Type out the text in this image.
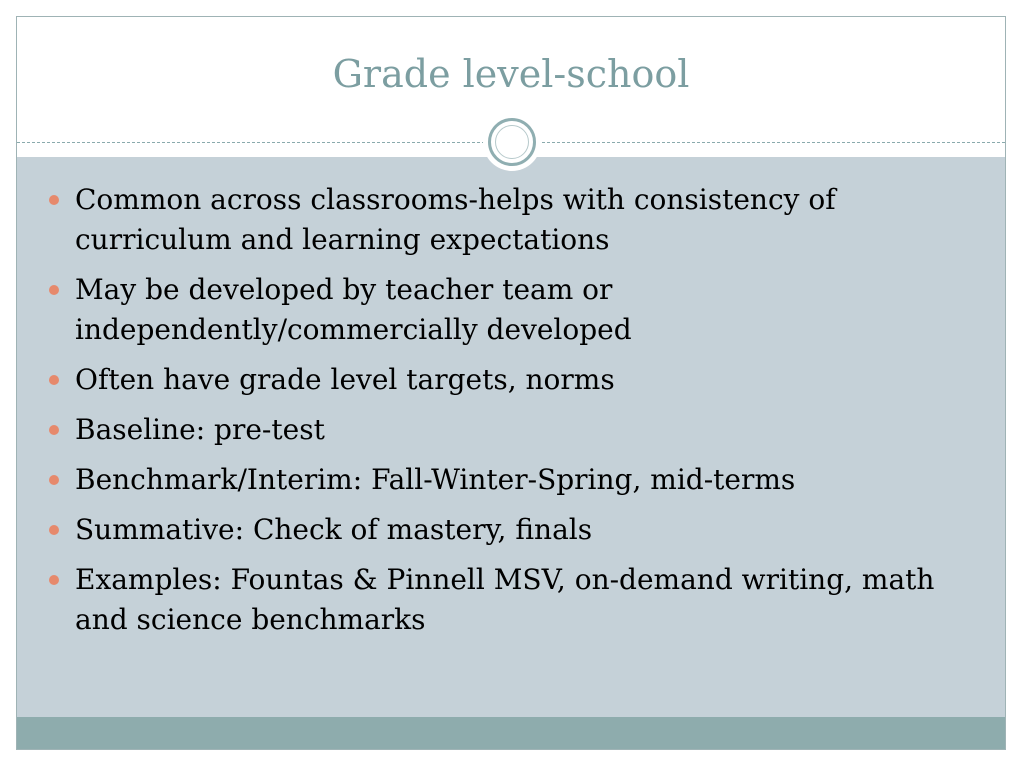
Grade level-school
Common across classrooms-helps with consistency of curriculum and learning expectations
May be developed by teacher team or independently/commercially developed
Often have grade level targets, norms
Baseline: pre-test
Benchmark/Interim: Fall-Winter-Spring, mid-terms
Summative: Check of mastery, finals
Examples: Fountas & Pinnell MSV, on-demand writing, math and science benchmarks
